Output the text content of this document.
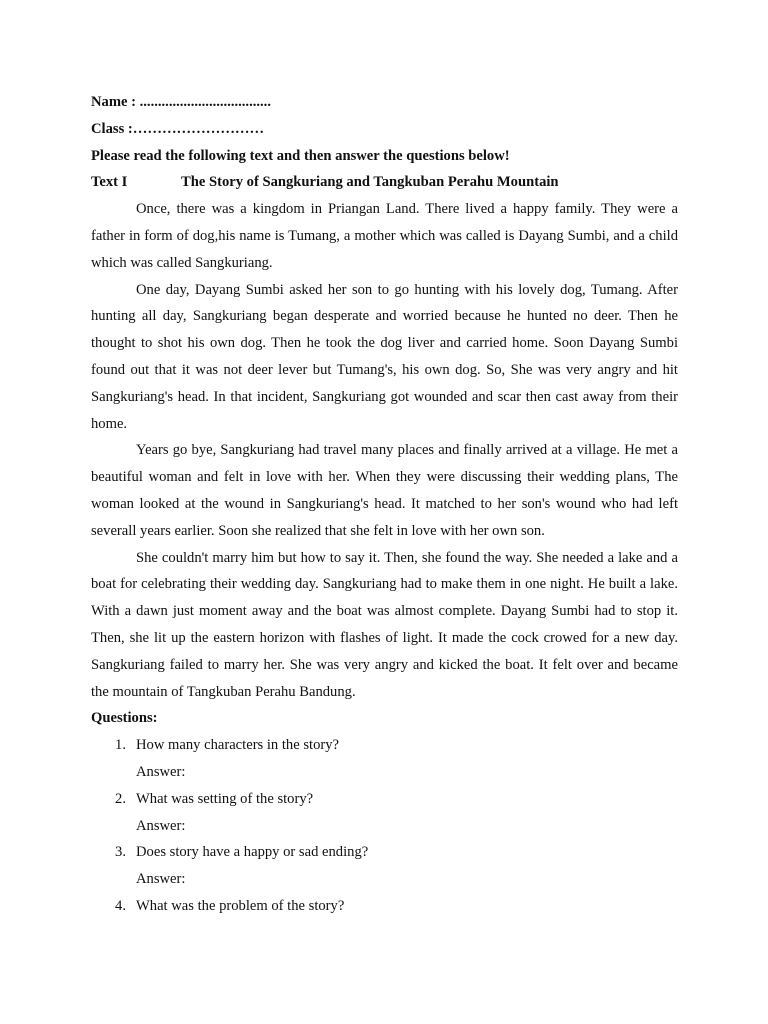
Name : ....................................
Class :………………………
Please read the following text and then answer the questions below!
Text I	The Story of Sangkuriang and Tangkuban Perahu Mountain

Once, there was a kingdom in Priangan Land. There lived a happy family. They were a father in form of dog,his name is Tumang, a mother which was called is Dayang Sumbi, and a child which was called Sangkuriang.

One day, Dayang Sumbi asked her son to go hunting with his lovely dog, Tumang. After hunting all day, Sangkuriang began desperate and worried because he hunted no deer. Then he thought to shot his own dog. Then he took the dog liver and carried home. Soon Dayang Sumbi found out that it was not deer lever but Tumang's, his own dog. So, She was very angry and hit Sangkuriang's head. In that incident, Sangkuriang got wounded and scar then cast away from their home.

Years go bye, Sangkuriang had travel many places and finally arrived at a village. He met a beautiful woman and felt in love with her. When they were discussing their wedding plans, The woman looked at the wound in Sangkuriang's head. It matched to her son's wound who had left severall years earlier. Soon she realized that she felt in love with her own son.

She couldn't marry him but how to say it. Then, she found the way. She needed a lake and a boat for celebrating their wedding day. Sangkuriang had to make them in one night. He built a lake. With a dawn just moment away and the boat was almost complete. Dayang Sumbi had to stop it. Then, she lit up the eastern horizon with flashes of light. It made the cock crowed for a new day. Sangkuriang failed to marry her. She was very angry and kicked the boat. It felt over and became the mountain of Tangkuban Perahu Bandung.

Questions:
1. How many characters in the story?
Answer:
2. What was setting of the story?
Answer:
3. Does story have a happy or sad ending?
Answer:
4. What was the problem of the story?
